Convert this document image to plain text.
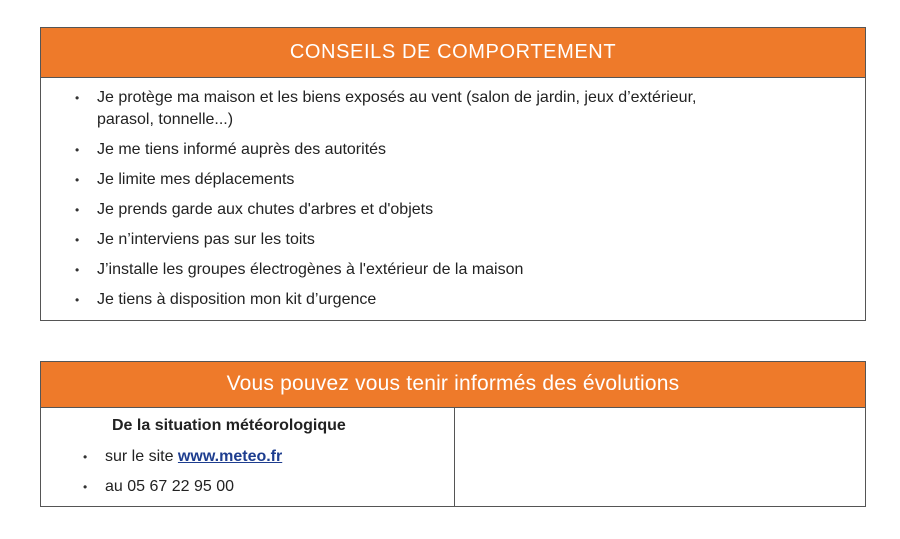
CONSEILS DE COMPORTEMENT
•	Je protège ma maison et les biens exposés au vent (salon de jardin, jeux d’extérieur,
parasol, tonnelle...)
•	Je me tiens informé auprès des autorités
•	Je limite mes déplacements
•	Je prends garde aux chutes d'arbres et d'objets
•	Je n’interviens pas sur les toits
•	J’installe les groupes électrogènes à l'extérieur de la maison
•	Je tiens à disposition mon kit d’urgence
Vous pouvez vous tenir informés des évolutions
De la situation météorologique
•	sur le site www.meteo.fr
•	au 05 67 22 95 00
